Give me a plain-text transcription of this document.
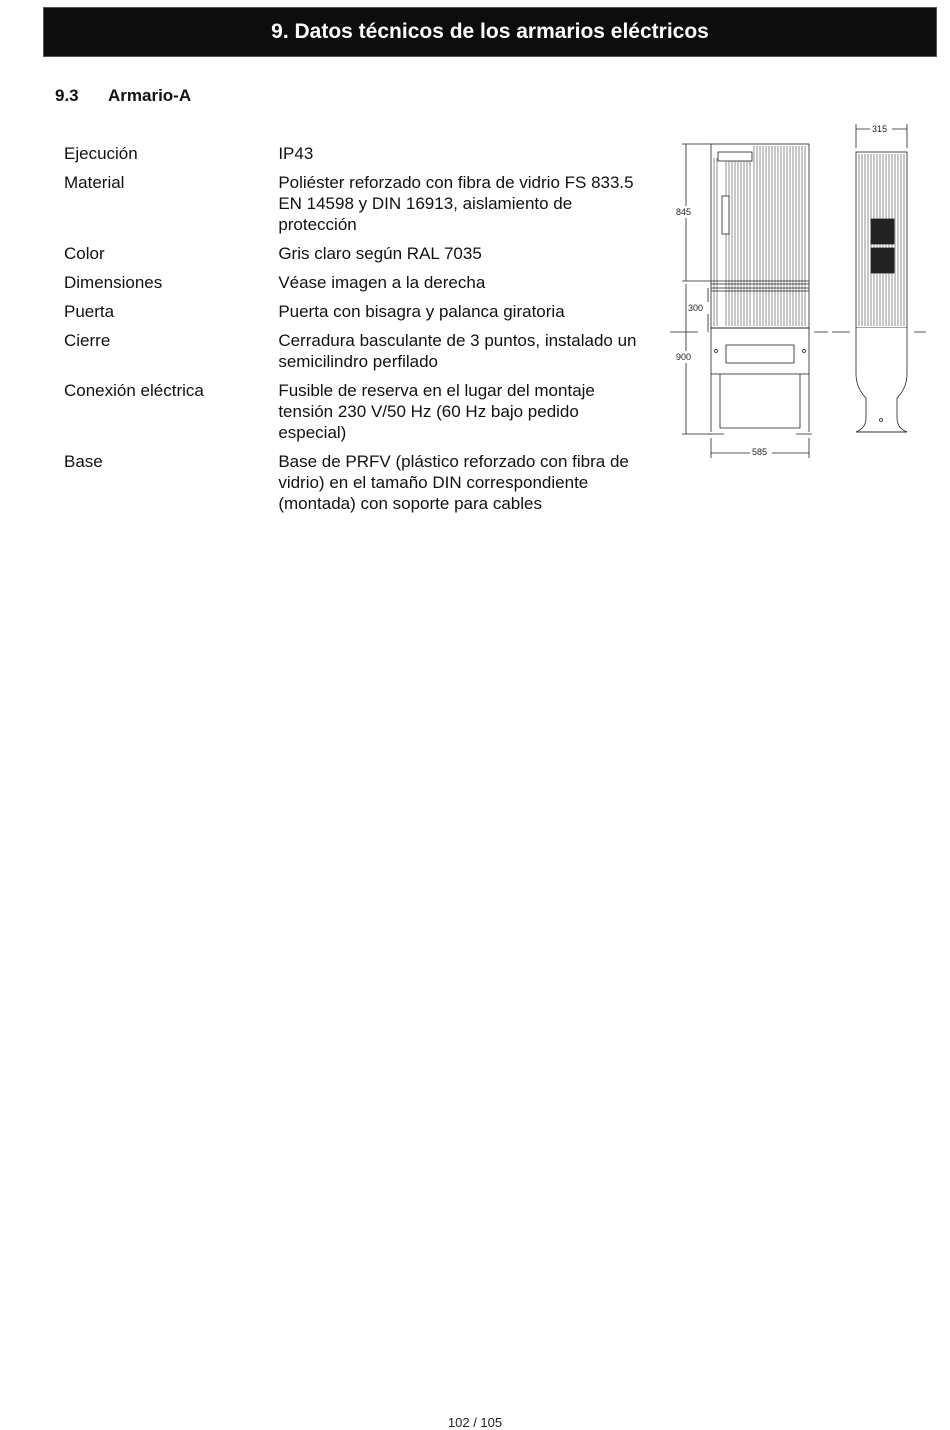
9 . Datos técnicos de los armarios eléctricos
9.3 Armario-A
Ejecución	IP43
Material	Poliéster reforzado con fibra de vidrio FS 833.5 EN 14598 y DIN 16913, aislamiento de protección
Color	Gris claro según RAL 7035
Dimensiones	Véase imagen a la derecha
Puerta	Puerta con bisagra y palanca giratoria
Cierre	Cerradura basculante de 3 puntos, instalado un semicilindro perfilado
Conexión eléctrica	Fusible de reserva en el lugar del montaje tensión 230 V/50 Hz (60 Hz bajo pedido especial)
Base	Base de PRFV (plástico reforzado con fibra de vidrio) en el tamaño DIN correspondiente (montada) con soporte para cables
845
300
900
585
315
102 / 105
